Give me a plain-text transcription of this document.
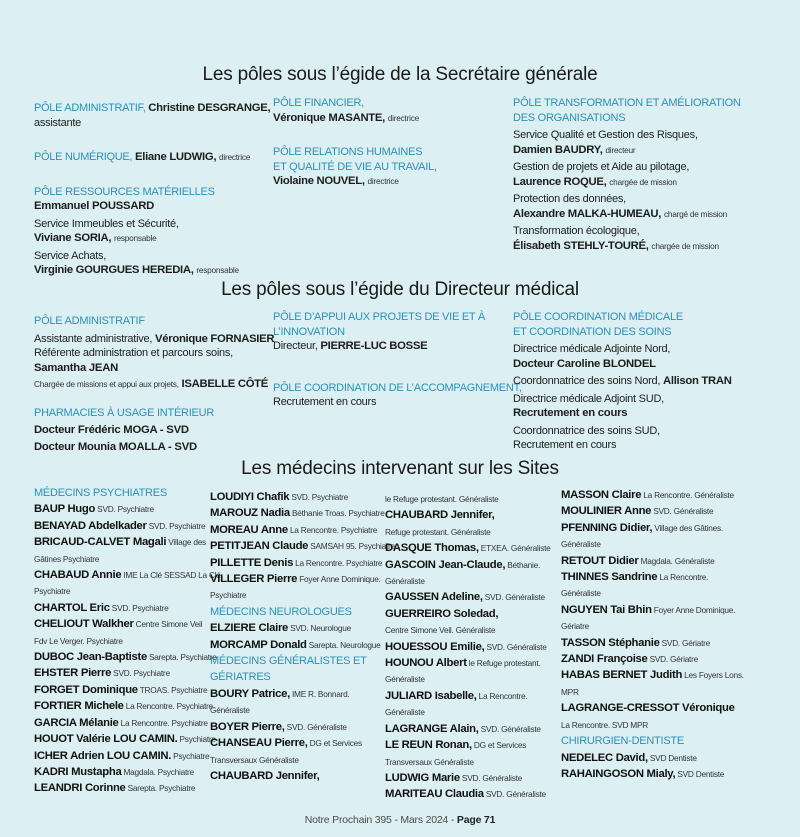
Les pôles sous l’égide de la Secrétaire générale
Les pôles sous l’égide du Directeur médical
Les médecins intervenant sur les Sites
PÔLE ADMINISTRATIF, Christine DESGRANGE,
assistante
PÔLE NUMÉRIQUE, Eliane LUDWIG, directrice
PÔLE RESSOURCES MATÉRIELLES
Emmanuel POUSSARD
Service Immeubles et Sécurité,
Viviane SORIA, responsable
Service Achats,
Virginie GOURGUES HEREDIA, responsable
PÔLE FINANCIER,
Véronique MASANTE, directrice
PÔLE RELATIONS HUMAINES
ET QUALITÉ DE VIE AU TRAVAIL,
Violaine NOUVEL, directrice
PÔLE TRANSFORMATION ET AMÉLIORATION
DES ORGANISATIONS
Service Qualité et Gestion des Risques,
Damien BAUDRY, directeur
Gestion de projets et Aide au pilotage,
Laurence ROQUE, chargée de mission
Protection des données,
Alexandre MALKA-HUMEAU, chargé de mission
Transformation écologique,
Élisabeth STEHLY-TOURÉ, chargée de mission
PÔLE ADMINISTRATIF
Assistante administrative, Véronique FORNASIER
Référente administration et parcours soins,
Samantha JEAN
Chargée de missions et appui aux projets, ISABELLE CÔTÉ
PHARMACIES À USAGE INTÉRIEUR
Docteur Frédéric MOGA - SVD
Docteur Mounia MOALLA - SVD
PÔLE D’APPUI AUX PROJETS DE VIE ET À
L’INNOVATION
Directeur, PIERRE-LUC BOSSE
PÔLE COORDINATION DE L’ACCOMPAGNEMENT,
Recrutement en cours
PÔLE COORDINATION MÉDICALE
ET COORDINATION DES SOINS
Directrice médicale Adjointe Nord,
Docteur Caroline BLONDEL
Coordonnatrice des soins Nord, Allison TRAN
Directrice médicale Adjoint SUD,
Recrutement en cours
Coordonnatrice des soins SUD,
Recrutement en cours
MÉDECINS PSYCHIATRES
BAUP Hugo SVD. Psychiatre
BENAYAD Abdelkader SVD. Psychiatre
BRICAUD-CALVET Magali Village des
Gâtines Psychiatre
CHABAUD Annie IME La Clé SESSAD La Clé.
Psychiatre
CHARTOL Eric SVD. Psychiatre
CHELIOUT Walkher Centre Simone Veil
Fdv Le Verger. Psychiatre
DUBOC Jean-Baptiste Sarepta. Psychiatre
EHSTER Pierre SVD. Psychiatre
FORGET Dominique TROAS. Psychiatre
FORTIER Michele La Rencontre. Psychiatre
GARCIA Mélanie La Rencontre. Psychiatre
HOUOT Valérie LOU CAMIN. Psychiatre
ICHER Adrien LOU CAMIN. Psychiatre
KADRI Mustapha Magdala. Psychiatre
LEANDRI Corinne Sarepta. Psychiatre
LOUDIYI Chafik SVD. Psychiatre
MAROUZ Nadia Béthanie Troas. Psychiatre
MOREAU Anne La Rencontre. Psychiatre
PETITJEAN Claude SAMSAH 95. Psychiatre
PILLETTE Denis La Rencontre. Psychiatre
VILLEGER Pierre Foyer Anne Dominique.
Psychiatre
MÉDECINS NEUROLOGUES
ELZIERE Claire SVD. Neurologue
MORCAMP Donald Sarepta. Neurologue
MÉDECINS GÉNÉRALISTES ET
GÉRIATRES
BOURY Patrice, IME R. Bonnard.
Généraliste
BOYER Pierre, SVD. Généraliste
CHANSEAU Pierre, DG et Services
Transversaux Généraliste
CHAUBARD Jennifer,
le Refuge protestant. Généraliste
CHAUBARD Jennifer,
Refuge protestant. Généraliste
DASQUE Thomas, ETXEA. Généraliste
GASCOIN Jean-Claude, Béthanie.
Généraliste
GAUSSEN Adeline, SVD. Généraliste
GUERREIRO Soledad,
Centre Simone Veil. Généraliste
HOUESSOU Emilie, SVD. Généraliste
HOUNOU Albert le Refuge protestant.
Généraliste
JULIARD Isabelle, La Rencontre.
Généraliste
LAGRANGE Alain, SVD. Généraliste
LE REUN Ronan, DG et Services
Transversaux Généraliste
LUDWIG Marie SVD. Généraliste
MARITEAU Claudia SVD. Généraliste
MASSON Claire La Rencontre. Généraliste
MOULINIER Anne SVD. Généraliste
PFENNING Didier, Village des Gâtines.
Généraliste
RETOUT Didier Magdala. Généraliste
THINNES Sandrine La Rencontre.
Généraliste
NGUYEN Tai Bhin Foyer Anne Dominique.
Gériatre
TASSON Stéphanie SVD. Gériatre
ZANDI Françoise SVD. Gériatre
HABAS BERNET Judith Les Foyers Lons.
MPR
LAGRANGE-CRESSOT Véronique
La Rencontre. SVD MPR
CHIRURGIEN-DENTISTE
NEDELEC David, SVD Dentiste
RAHAINGOSON Mialy, SVD Dentiste
Notre Prochain 395 - Mars 2024 - Page 71
